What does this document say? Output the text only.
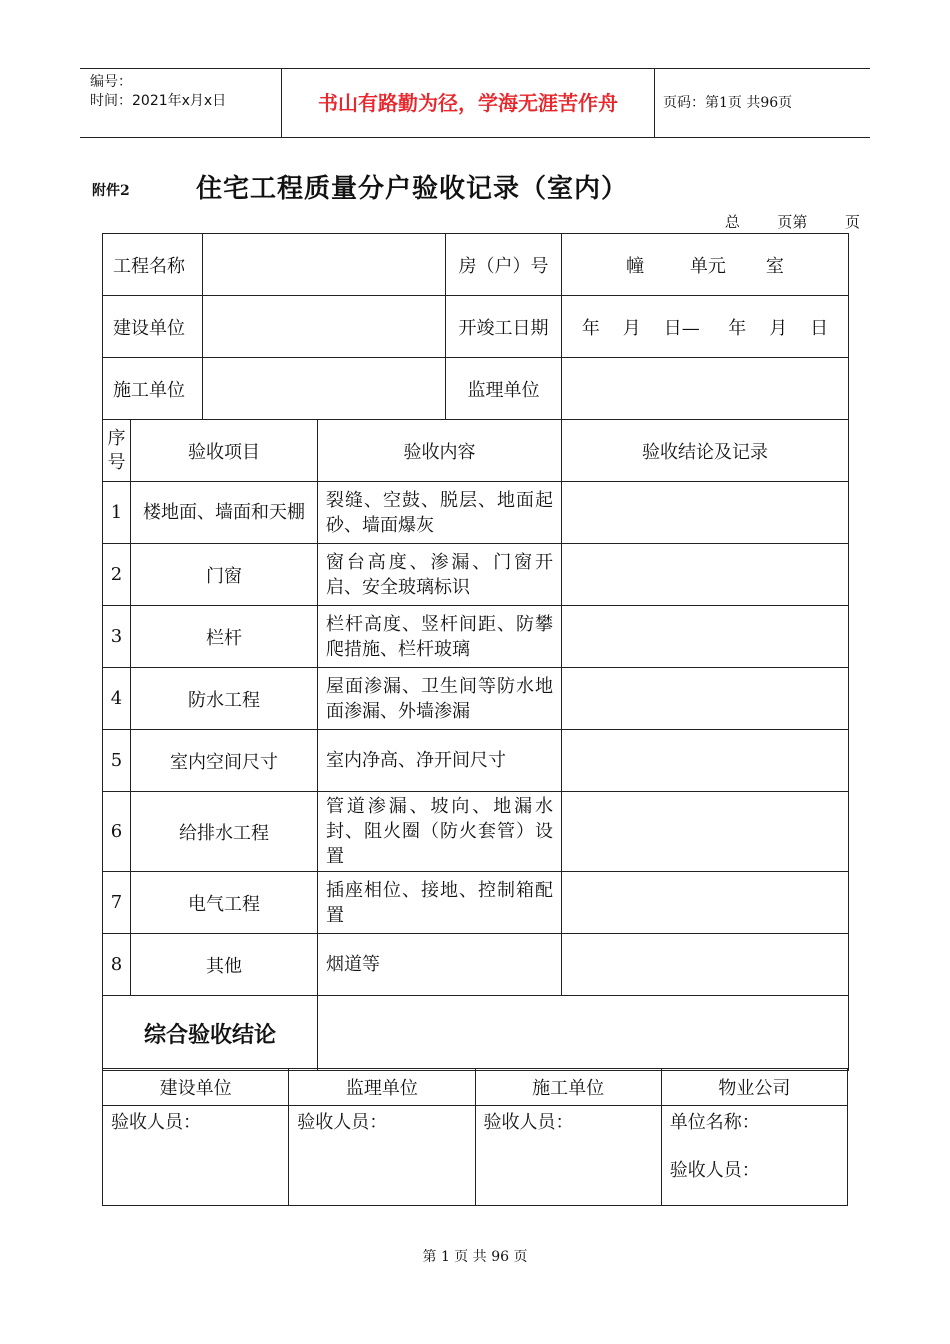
编号：
时间：2021年x月x日	书山有路勤为径，学海无涯苦作舟	页码：第1页 共96页
附件2	住宅工程质量分户验收记录（室内）
总	页第	页
工程名称				房（户）号	幢        单元       室
建设单位				开竣工日期	年    月    日—     年    月    日
施工单位				监理单位	
序号	验收项目		验收内容		验收结论及记录
1	楼地面、墙面和天棚		裂缝、空鼓、脱层、地面起砂、墙面爆灰		
2	门窗		窗台高度、渗漏、门窗开启、安全玻璃标识		
3	栏杆		栏杆高度、竖杆间距、防攀爬措施、栏杆玻璃		
4	防水工程		屋面渗漏、卫生间等防水地面渗漏、外墙渗漏		
5	室内空间尺寸		室内净高、净开间尺寸		
6	给排水工程		管道渗漏、坡向、地漏水封、阻火圈（防火套管）设置		
7	电气工程		插座相位、接地、控制箱配置		
8	其他		烟道等		
综合验收结论					
建设单位	监理单位	施工单位	物业公司

验收人员：	验收人员：	验收人员：	单位名称：
验收人员：
第 1 页 共 96 页
